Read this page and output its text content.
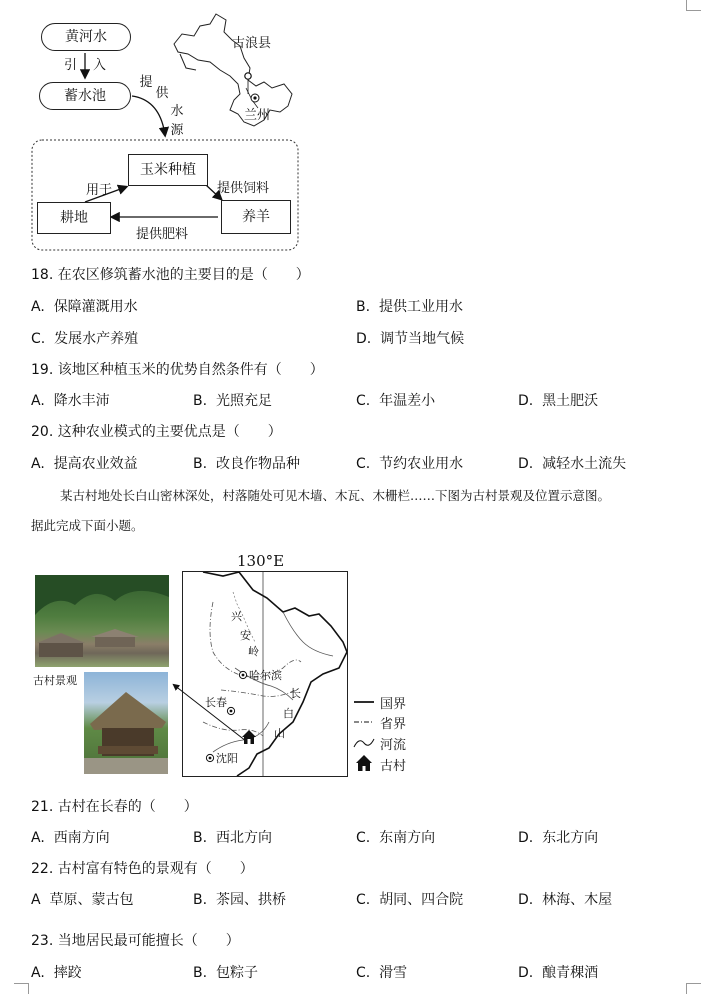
黄河水
引 入
蓄水池
提
供
水
源
玉米种植
耕地	养羊
用于	提供饲料
提供肥料
古浪县
兰州
18. 在农区修筑蓄水池的主要目的是（　　）
A. 保障灌溉用水	B. 提供工业用水
C. 发展水产养殖	D. 调节当地气候
19. 该地区种植玉米的优势自然条件有（　　）
A. 降水丰沛	B. 光照充足	C. 年温差小	D. 黑土肥沃
20. 这种农业模式的主要优点是（　　）
A. 提高农业效益	B. 改良作物品种	C. 节约农业用水	D. 减轻水土流失
某古村地处长白山密林深处，村落随处可见木墙、木瓦、木栅栏……下图为古村景观及位置示意图。
据此完成下面小题。
古村景观
130°E
兴
安
岭
哈尔滨
长春
沈阳
长
白
山
国界
省界
河流
古村
21. 古村在长春的（　　）
A. 西南方向	B. 西北方向	C. 东南方向	D. 东北方向
22. 古村富有特色的景观有（　　）
A 草原、蒙古包	B. 茶园、拱桥	C. 胡同、四合院	D. 林海、木屋
23. 当地居民最可能擅长（　　）
A. 摔跤	B. 包粽子	C. 滑雪	D. 酿青稞酒
